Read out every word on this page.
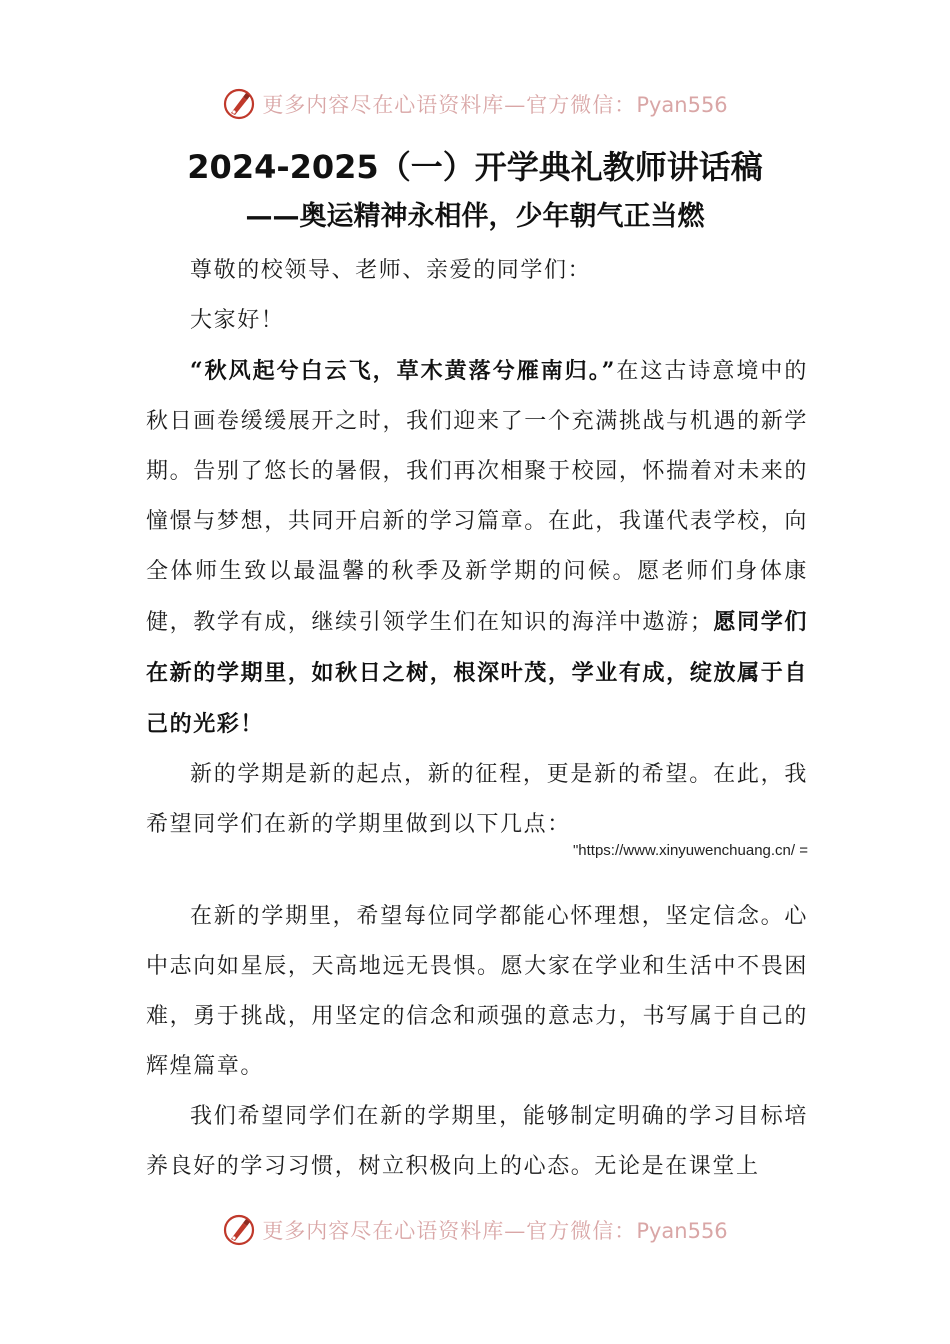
更多内容尽在心语资料库—官方微信：Pyan556
2024-2025（一）开学典礼教师讲话稿
——奥运精神永相伴，少年朝气正当燃

尊敬的校领导、老师、亲爱的同学们：

大家好！

“秋风起兮白云飞，草木黄落兮雁南归。”在这古诗意境中的秋日画卷缓缓展开之时，我们迎来了一个充满挑战与机遇的新学期。告别了悠长的暑假，我们再次相聚于校园，怀揣着对未来的憧憬与梦想，共同开启新的学习篇章。在此，我谨代表学校，向全体师生致以最温馨的秋季及新学期的问候。愿老师们身体康健，教学有成，继续引领学生们在知识的海洋中遨游；愿同学们在新的学期里，如秋日之树，根深叶茂，学业有成，绽放属于自己的光彩！

新的学期是新的起点，新的征程，更是新的希望。在此，我希望同学们在新的学期里做到以下几点：

"https://www.xinyuwenchuang.cn/ =

在新的学期里，希望每位同学都能心怀理想，坚定信念。心中志向如星辰，天高地远无畏惧。愿大家在学业和生活中不畏困难，勇于挑战，用坚定的信念和顽强的意志力，书写属于自己的辉煌篇章。

我们希望同学们在新的学期里，能够制定明确的学习目标培养良好的学习习惯，树立积极向上的心态。无论是在课堂上

更多内容尽在心语资料库—官方微信：Pyan556
